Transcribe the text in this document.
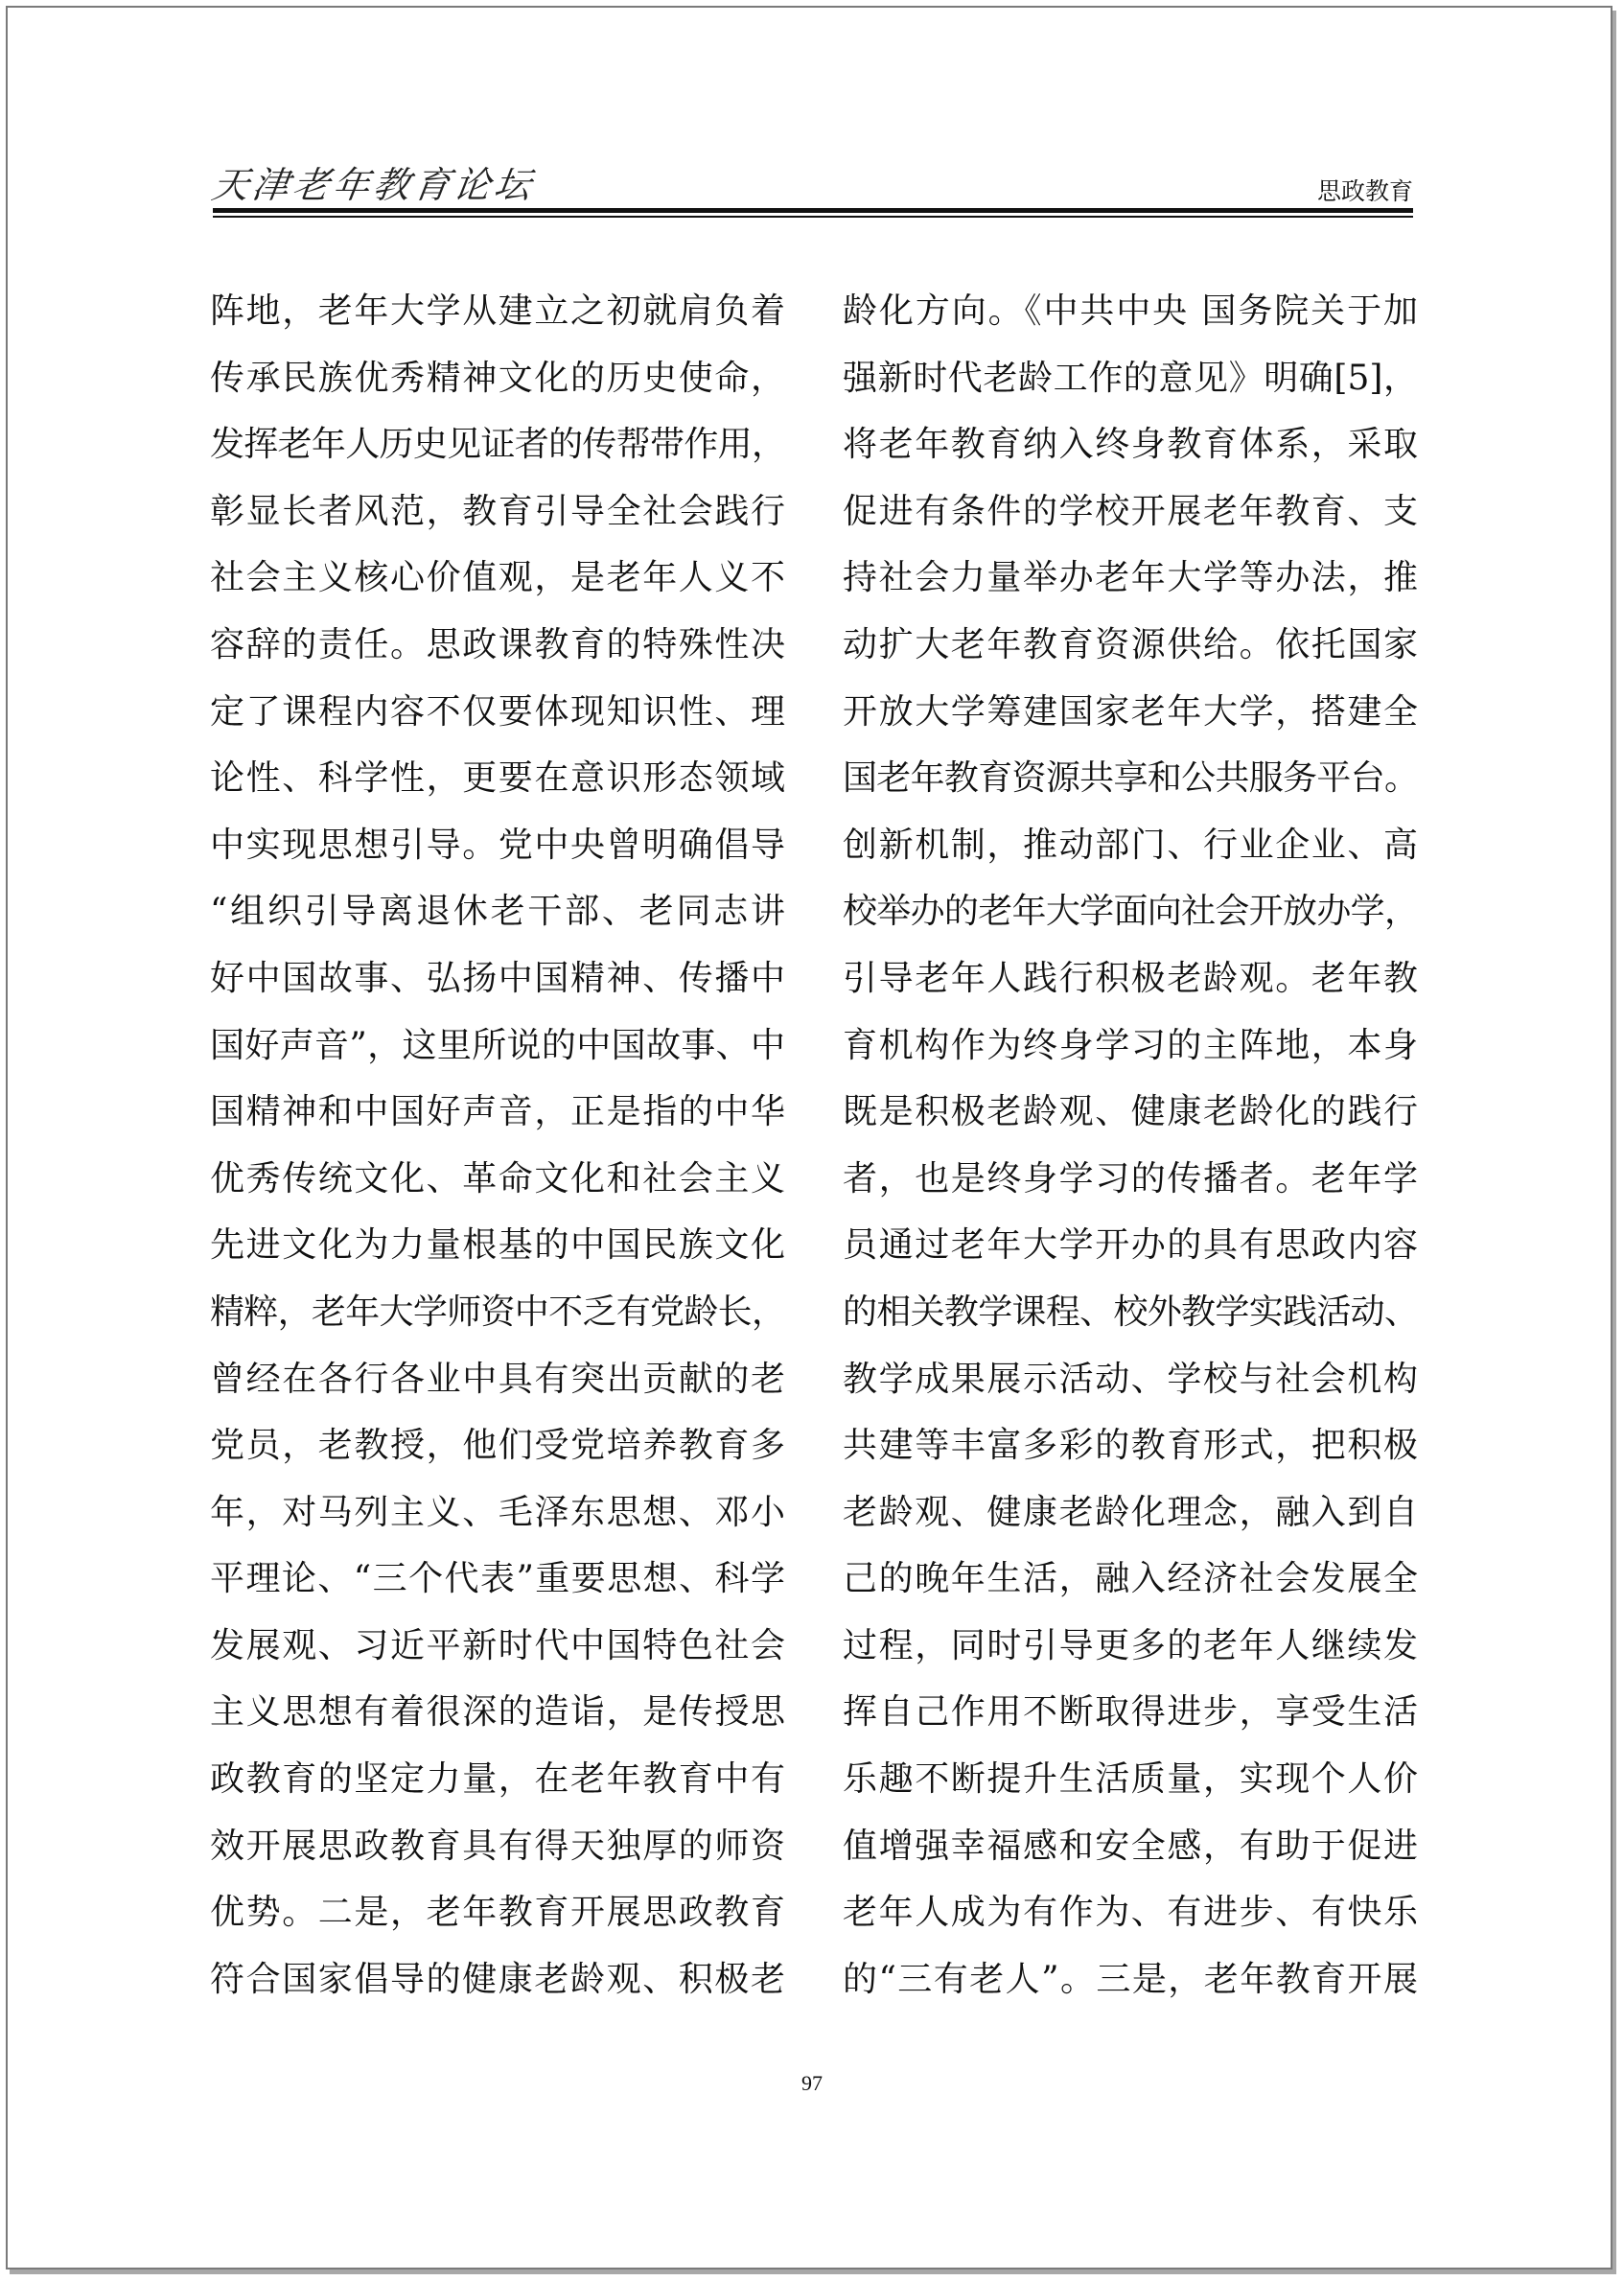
天津老年教育论坛	思政教育
阵地，老年大学从建立之初就肩负着
传承民族优秀精神文化的历史使命，
发挥老年人历史见证者的传帮带作用，
彰显长者风范，教育引导全社会践行
社会主义核心价值观，是老年人义不
容辞的责任。思政课教育的特殊性决
定了课程内容不仅要体现知识性、理
论性、科学性，更要在意识形态领域
中实现思想引导。党中央曾明确倡导
“组织引导离退休老干部、老同志讲
好中国故事、弘扬中国精神、传播中
国好声音”，这里所说的中国故事、中
国精神和中国好声音，正是指的中华
优秀传统文化、革命文化和社会主义
先进文化为力量根基的中国民族文化
精粹，老年大学师资中不乏有党龄长，
曾经在各行各业中具有突出贡献的老
党员，老教授，他们受党培养教育多
年，对马列主义、毛泽东思想、邓小
平理论、“三个代表”重要思想、科学
发展观、习近平新时代中国特色社会
主义思想有着很深的造诣，是传授思
政教育的坚定力量，在老年教育中有
效开展思政教育具有得天独厚的师资
优势。二是，老年教育开展思政教育
符合国家倡导的健康老龄观、积极老
龄化方向。《中共中央 国务院关于加
强新时代老龄工作的意见》明确[5]，
将老年教育纳入终身教育体系，采取
促进有条件的学校开展老年教育、支
持社会力量举办老年大学等办法，推
动扩大老年教育资源供给。依托国家
开放大学筹建国家老年大学，搭建全
国老年教育资源共享和公共服务平台。
创新机制，推动部门、行业企业、高
校举办的老年大学面向社会开放办学，
引导老年人践行积极老龄观。老年教
育机构作为终身学习的主阵地，本身
既是积极老龄观、健康老龄化的践行
者，也是终身学习的传播者。老年学
员通过老年大学开办的具有思政内容
的相关教学课程、校外教学实践活动、
教学成果展示活动、学校与社会机构
共建等丰富多彩的教育形式，把积极
老龄观、健康老龄化理念，融入到自
己的晚年生活，融入经济社会发展全
过程，同时引导更多的老年人继续发
挥自己作用不断取得进步，享受生活
乐趣不断提升生活质量，实现个人价
值增强幸福感和安全感，有助于促进
老年人成为有作为、有进步、有快乐
的“三有老人”。三是，老年教育开展
97
